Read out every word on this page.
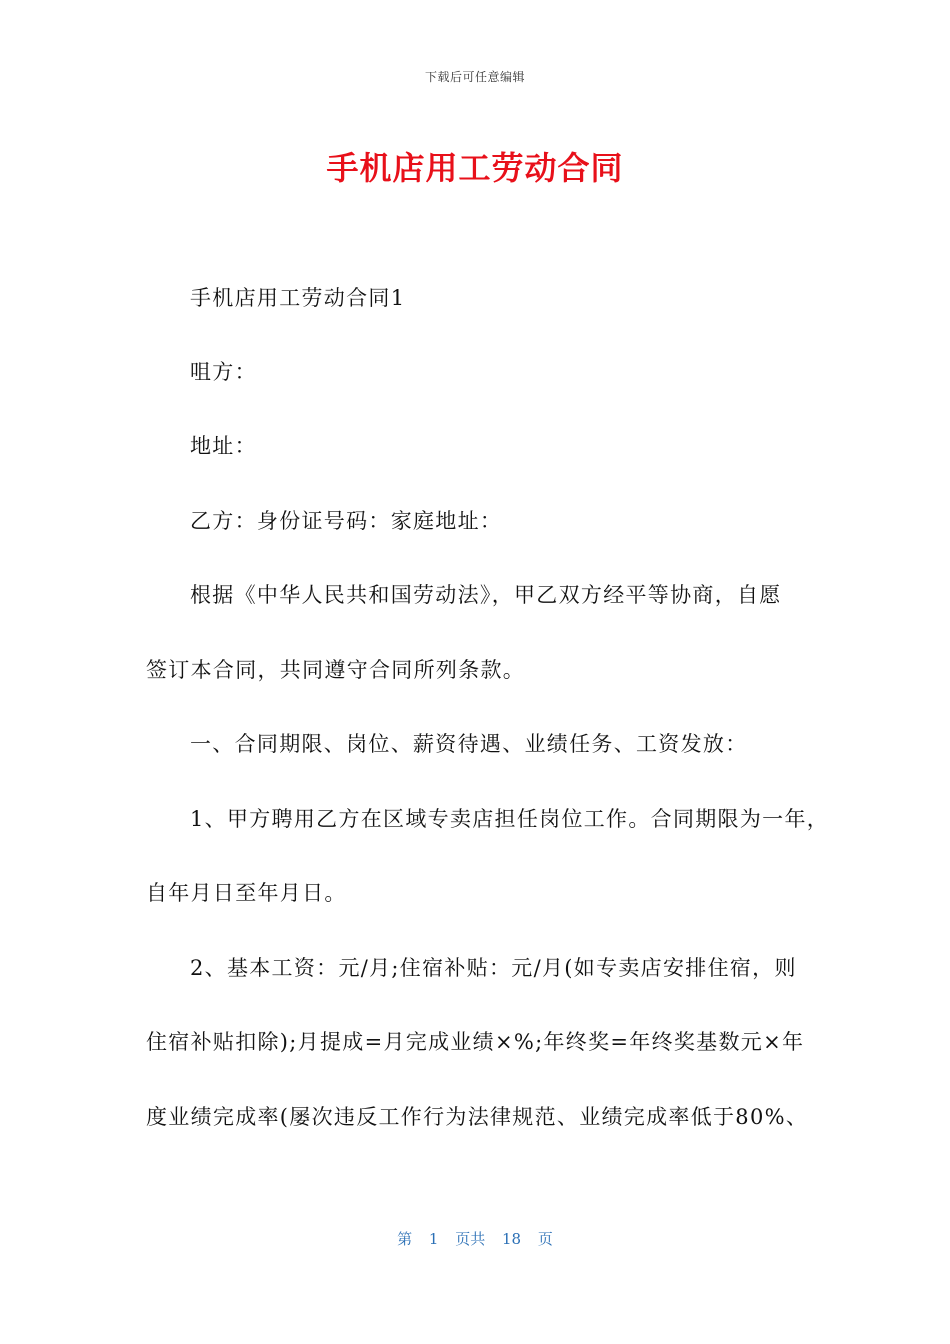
下载后可任意编辑
手机店用工劳动合同
手机店用工劳动合同1
咀方：
地址：
乙方：身份证号码：家庭地址：
根据《中华人民共和国劳动法》，甲乙双方经平等协商，自愿
签订本合同，共同遵守合同所列条款。
一、合同期限、岗位、薪资待遇、业绩任务、工资发放：
1、甲方聘用乙方在区域专卖店担任岗位工作。合同期限为一年，
自年月日至年月日。
2、基本工资：元/月;住宿补贴：元/月(如专卖店安排住宿，则
住宿补贴扣除);月提成=月完成业绩×%;年终奖=年终奖基数元×年
度业绩完成率(屡次违反工作行为法律规范、业绩完成率低于80%、
第 1 页共 18 页
